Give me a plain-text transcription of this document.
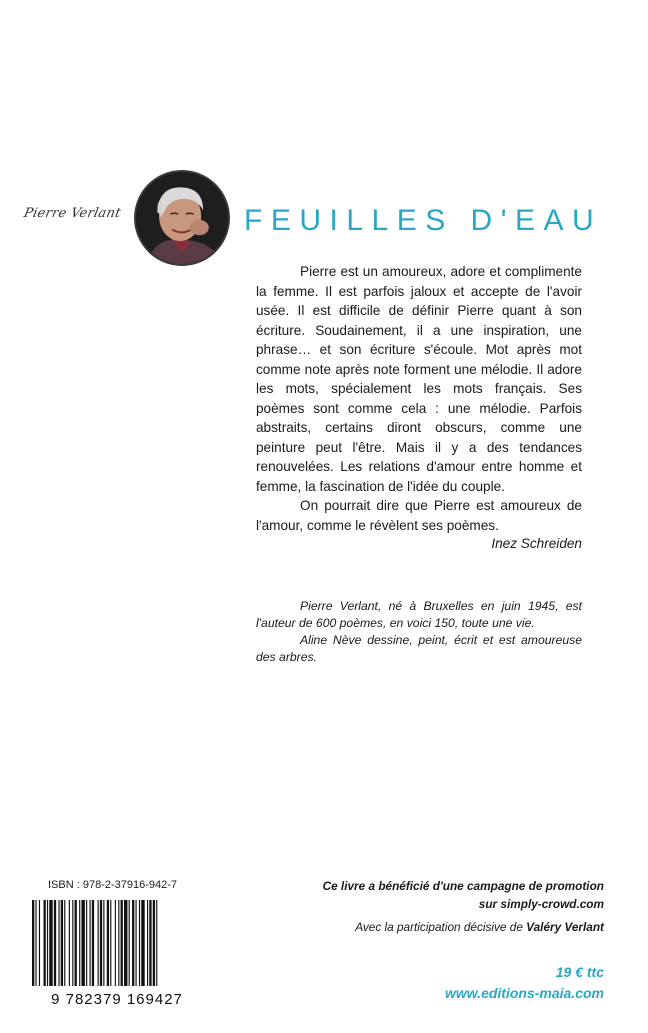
Pierre Verlant	FEUILLES D'EAU

Pierre est un amoureux, adore et complimente la femme. Il est parfois jaloux et accepte de l'avoir usée. Il est difficile de définir Pierre quant à son écriture. Soudainement, il a une inspiration, une phrase… et son écriture s'écoule. Mot après mot comme note après note forment une mélodie. Il adore les mots, spécialement les mots français. Ses poèmes sont comme cela : une mélodie. Parfois abstraits, certains diront obscurs, comme une peinture peut l'être. Mais il y a des tendances renouvelées. Les relations d'amour entre homme et femme, la fascination de l'idée du couple.

On pourrait dire que Pierre est amoureux de l'amour, comme le révèlent ses poèmes.

Inez Schreiden

Pierre Verlant, né à Bruxelles en juin 1945, est l'auteur de 600 poèmes, en voici 150, toute une vie.

Aline Nève dessine, peint, écrit et est amoureuse des arbres.

ISBN : 978-2-37916-942-7
9 782379 169427
Ce livre a bénéficié d'une campagne de promotion
sur simply-crowd.com
Avec la participation décisive de Valéry Verlant
19 € ttc
www.editions-maia.com
